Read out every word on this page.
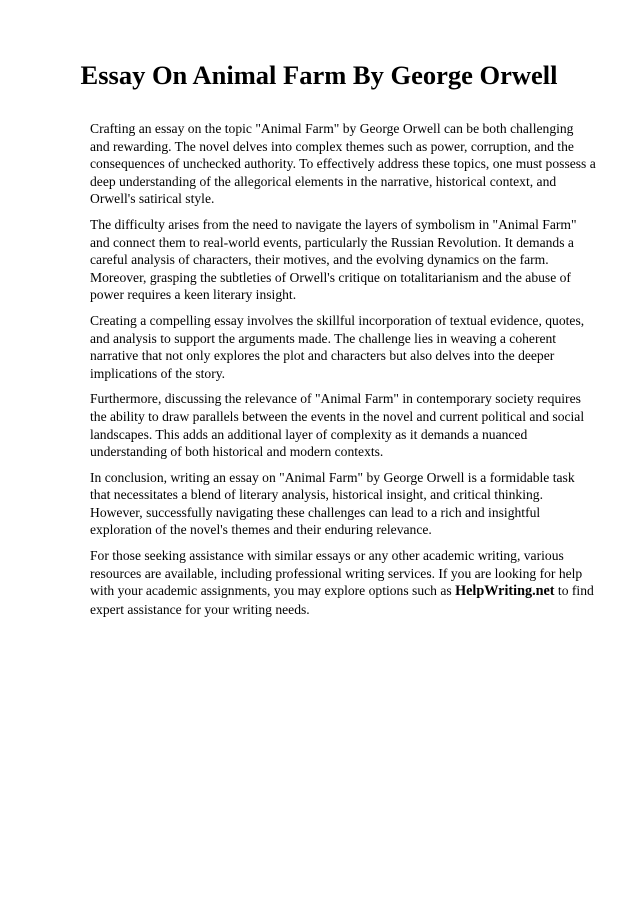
Essay On Animal Farm By George Orwell

Crafting an essay on the topic "Animal Farm" by George Orwell can be both challenging and rewarding. The novel delves into complex themes such as power, corruption, and the consequences of unchecked authority. To effectively address these topics, one must possess a deep understanding of the allegorical elements in the narrative, historical context, and Orwell's satirical style.

The difficulty arises from the need to navigate the layers of symbolism in "Animal Farm" and connect them to real-world events, particularly the Russian Revolution. It demands a careful analysis of characters, their motives, and the evolving dynamics on the farm. Moreover, grasping the subtleties of Orwell's critique on totalitarianism and the abuse of power requires a keen literary insight.

Creating a compelling essay involves the skillful incorporation of textual evidence, quotes, and analysis to support the arguments made. The challenge lies in weaving a coherent narrative that not only explores the plot and characters but also delves into the deeper implications of the story.

Furthermore, discussing the relevance of "Animal Farm" in contemporary society requires the ability to draw parallels between the events in the novel and current political and social landscapes. This adds an additional layer of complexity as it demands a nuanced understanding of both historical and modern contexts.

In conclusion, writing an essay on "Animal Farm" by George Orwell is a formidable task that necessitates a blend of literary analysis, historical insight, and critical thinking. However, successfully navigating these challenges can lead to a rich and insightful exploration of the novel's themes and their enduring relevance.

For those seeking assistance with similar essays or any other academic writing, various resources are available, including professional writing services. If you are looking for help with your academic assignments, you may explore options such as HelpWriting.net to find expert assistance for your writing needs.
